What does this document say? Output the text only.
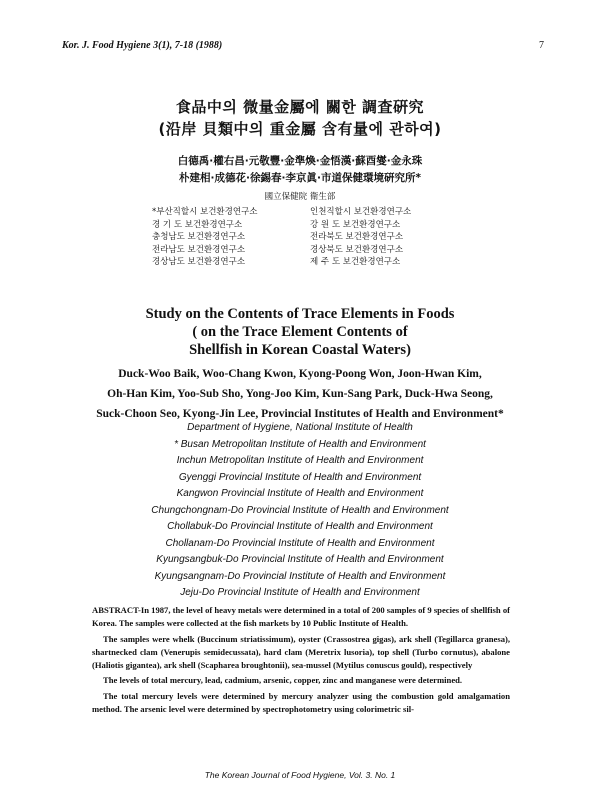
Kor. J. Food Hygiene 3(1), 7-18 (1988)	7
食品中의 微量金屬에 關한 調査硏究
(沿岸 貝類中의 重金屬 含有量에 관하여)
白德禹·權右昌·元敬豐·金準煥·金悟漢·蘇酉燮·金永珠
朴建相·成德花·徐錫春·李京眞·市道保健環境硏究所*
國立保健院 衛生部
*부산직할시 보건환경연구소	인천직할시 보건환경연구소
경 기 도 보건환경연구소	강 원 도 보건환경연구소
충청남도 보건환경연구소	전라북도 보건환경연구소
전라남도 보건환경연구소	경상북도 보건환경연구소
경상남도 보건환경연구소	제 주 도 보건환경연구소
Study on the Contents of Trace Elements in Foods
( on the Trace Element Contents of
Shellfish in Korean Coastal Waters)
Duck-Woo Baik, Woo-Chang Kwon, Kyong-Poong Won, Joon-Hwan Kim,
Oh-Han Kim, Yoo-Sub Sho, Yong-Joo Kim, Kun-Sang Park, Duck-Hwa Seong,
Suck-Choon Seo, Kyong-Jin Lee, Provincial Institutes of Health and Environment*
Department of Hygiene, National Institute of Health
* Busan Metropolitan Institute of Health and Environment
Inchun Metropolitan Institute of Health and Environment
Gyenggi Provincial Institute of Health and Environment
Kangwon Provincial Institute of Health and Environment
Chungchongnam-Do Provincial Institute of Health and Environment
Chollabuk-Do Provincial Institute of Health and Environment
Chollanam-Do Provincial Institute of Health and Environment
Kyungsangbuk-Do Provincial Institute of Health and Environment
Kyungsangnam-Do Provincial Institute of Health and Environment
Jeju-Do Provincial Institute of Health and Environment

ABSTRACT-In 1987, the level of heavy metals were determined in a total of 200 samples of 9 species of shellfish of Korea. The samples were collected at the fish markets by 10 Public Institute of Health.

The samples were whelk (Buccinum striatissimum), oyster (Crassostrea gigas), ark shell (Tegillarca granesa), shartnecked clam (Venerupis semidecussata), hard clam (Meretrix lusoria), top shell (Turbo cornutus), abalone (Haliotis gigantea), ark shell (Scapharea broughtonii), sea-mussel (Mytilus conuscus gould), respectively

The levels of total mercury, lead, cadmium, arsenic, copper, zinc and manganese were determined.

The total mercury levels were determined by mercury analyzer using the combustion gold amalgamation method. The arsenic level were determined by spectrophotometry using colorimetric sil-

The Korean Journal of Food Hygiene, Vol. 3. No. 1
